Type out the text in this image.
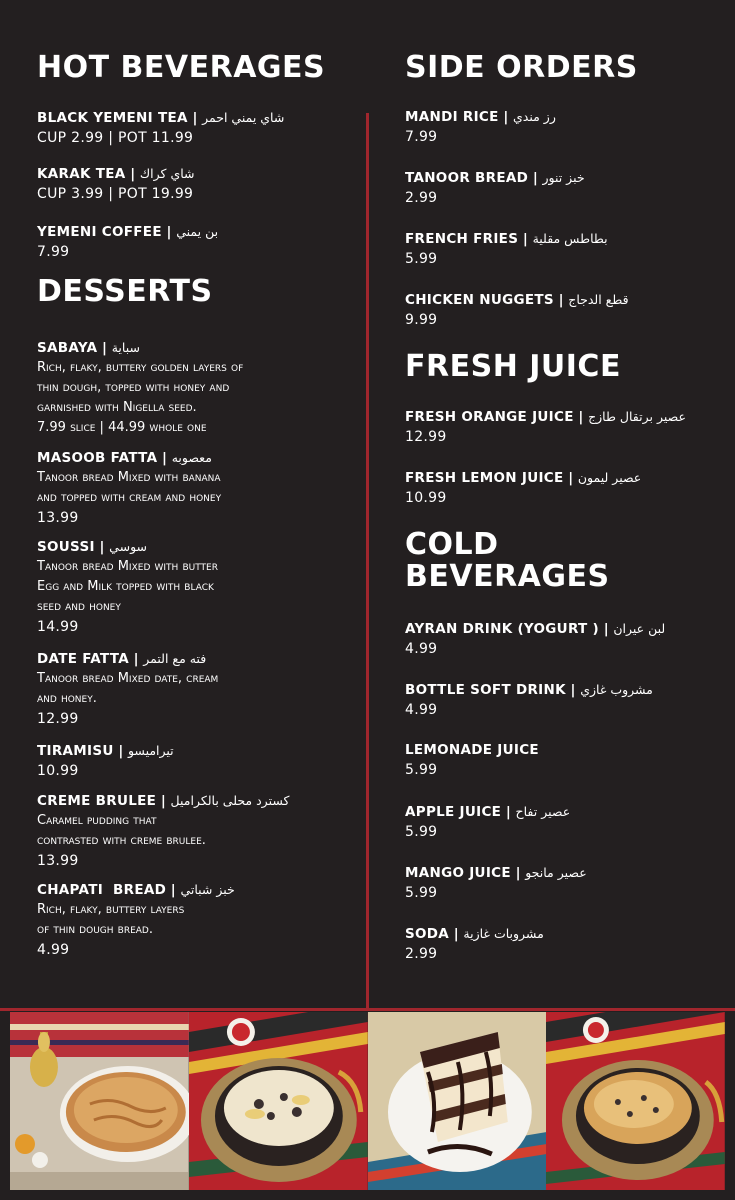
HOT BEVERAGES
BLACK YEMENI TEA | شاي يمني احمر
CUP 2.99 | POT 11.99
KARAK TEA | شاي كراك
CUP 3.99 | POT 19.99
YEMENI COFFEE | بن يمني
7.99
DESSERTS
SABAYA | سباية
Rich, flaky, buttery golden layers of
thin dough, topped with honey and
garnished with Nigella seed.
7.99 slice | 44.99 whole one
MASOOB FATTA | معصوبه
Tanoor bread Mixed with banana
and topped with cream and honey
13.99
SOUSSI | سوسي
Tanoor bread Mixed with butter
Egg and Milk topped with black
seed and honey
14.99
DATE FATTA | فته مع التمر
Tanoor bread Mixed date, cream
and honey.
12.99
TIRAMISU | تيراميسو
10.99
CREME BRULEE | كسترد محلى بالكراميل
Caramel pudding that
contrasted with creme brulee.
13.99
CHAPATI  BREAD | خبز شباتي
Rich, flaky, buttery layers
of thin dough bread.
4.99
SIDE ORDERS
MANDI RICE | رز مندي
7.99
TANOOR BREAD | خبز تنور
2.99
FRENCH FRIES | بطاطس مقلية
5.99
CHICKEN NUGGETS | قطع الدجاج
9.99
FRESH JUICE
FRESH ORANGE JUICE | عصير برتقال طازج
12.99
FRESH LEMON JUICE | عصير ليمون
10.99
COLD
BEVERAGES
AYRAN DRINK (YOGURT ) | لبن عيران
4.99
BOTTLE SOFT DRINK | مشروب غازي
4.99
LEMONADE JUICE
5.99
APPLE JUICE | عصير تفاح
5.99
MANGO JUICE | عصير مانجو
5.99
SODA | مشروبات غازية
2.99
